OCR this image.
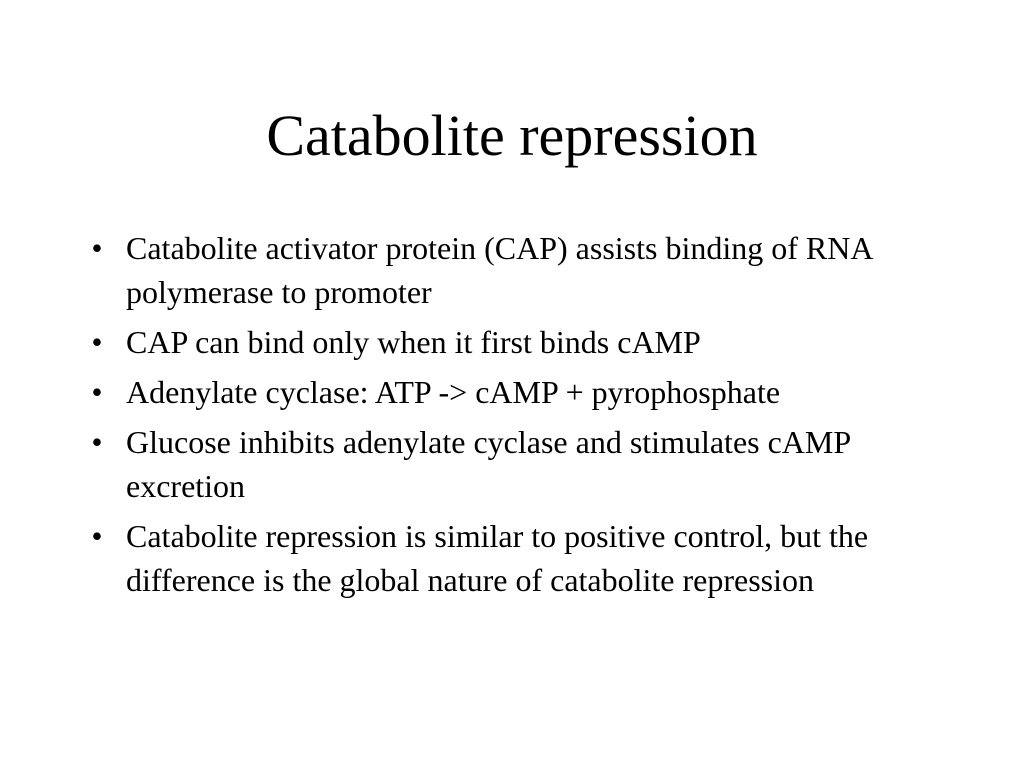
Catabolite repression
• Catabolite activator protein (CAP) assists binding of RNA polymerase to promoter
• CAP can bind only when it first binds cAMP
• Adenylate cyclase: ATP -> cAMP + pyrophosphate
• Glucose inhibits adenylate cyclase and stimulates cAMP excretion
• Catabolite repression is similar to positive control, but the difference is the global nature of catabolite repression
